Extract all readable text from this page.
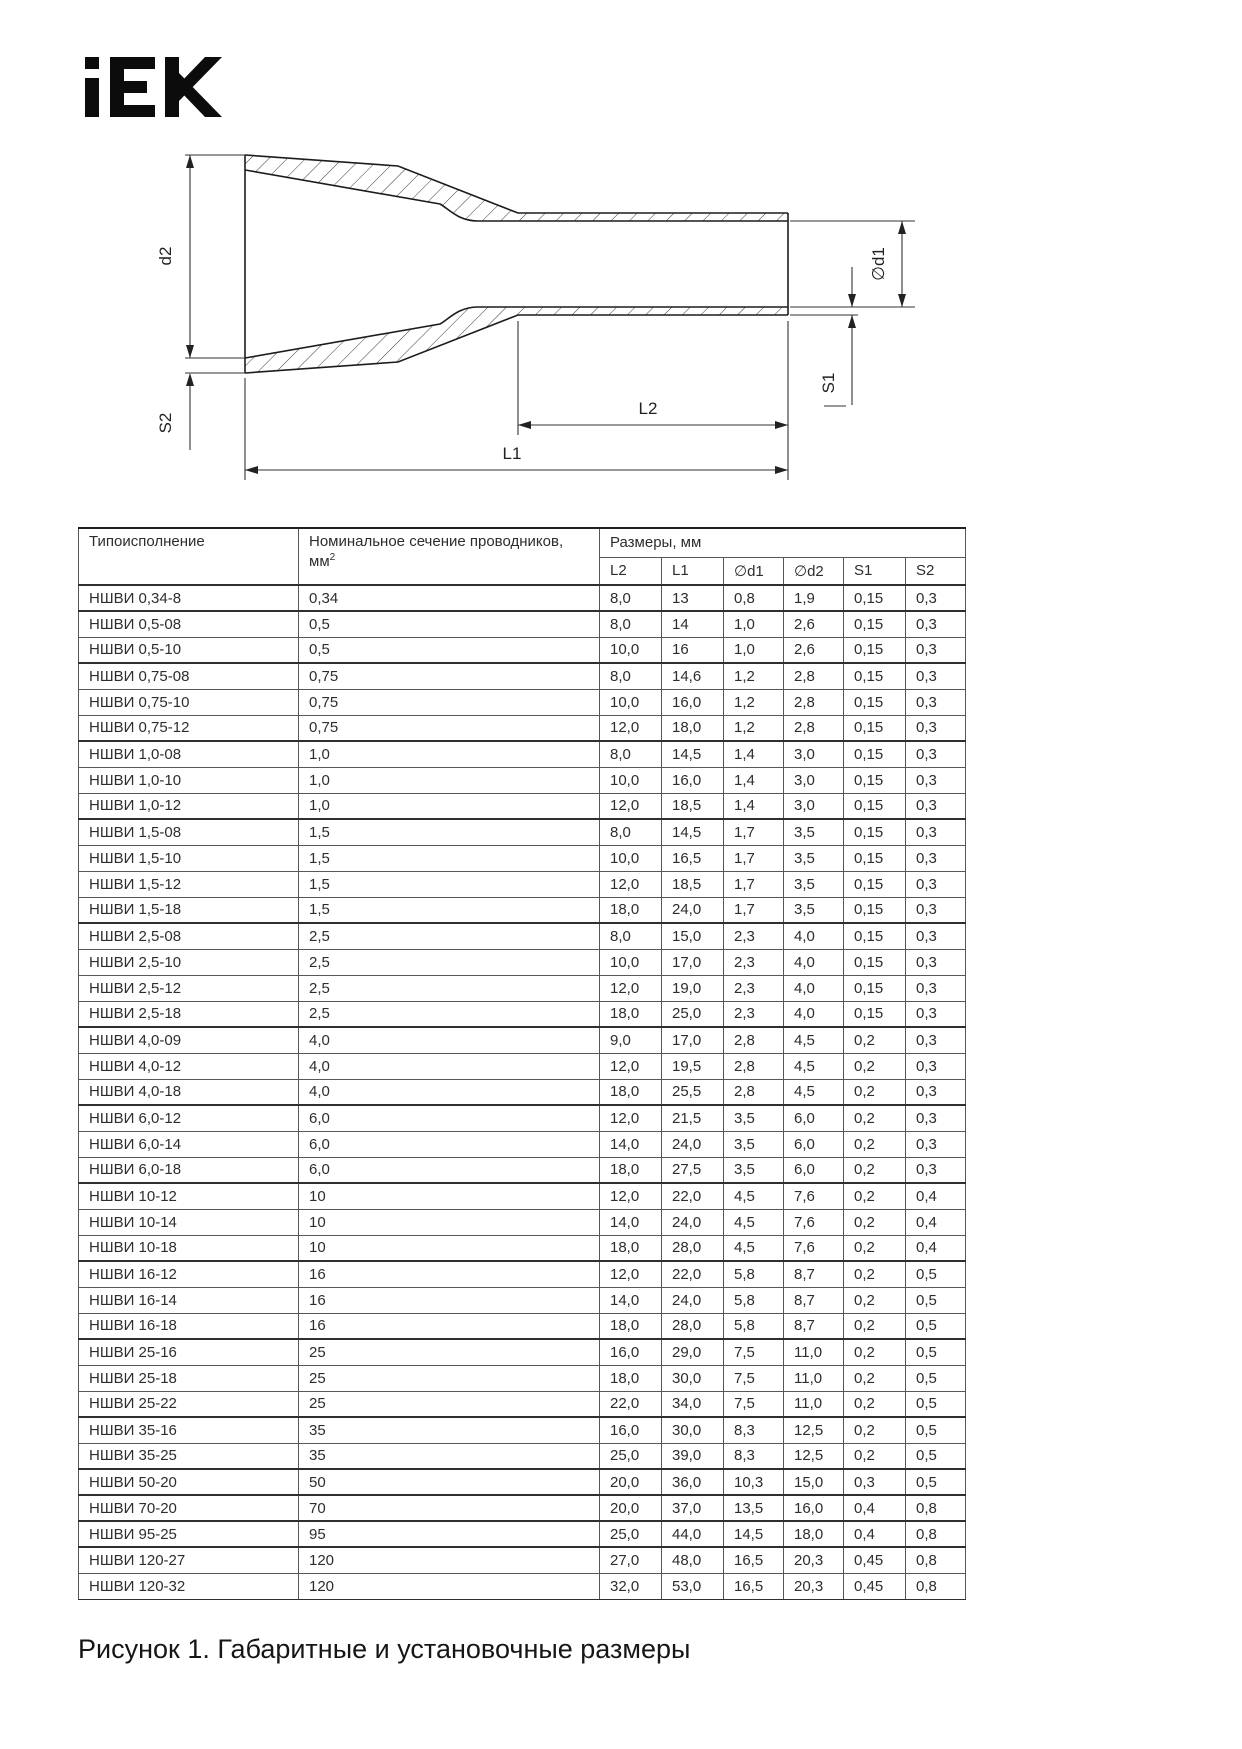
d2
S2
∅d1
S1
L2
L1
Типоисполнение	Номинальное сечение проводников,
$мм^2$	Размеры, мм					
		L2	L1	∅d1	∅d2	S1	S2
НШВИ 0,34-8	0,34	8,0	13	0,8	1,9	0,15	0,3
НШВИ 0,5-08	0,5	8,0	14	1,0	2,6	0,15	0,3
НШВИ 0,5-10	0,5	10,0	16	1,0	2,6	0,15	0,3
НШВИ 0,75-08	0,75	8,0	14,6	1,2	2,8	0,15	0,3
НШВИ 0,75-10	0,75	10,0	16,0	1,2	2,8	0,15	0,3
НШВИ 0,75-12	0,75	12,0	18,0	1,2	2,8	0,15	0,3
НШВИ 1,0-08	1,0	8,0	14,5	1,4	3,0	0,15	0,3
НШВИ 1,0-10	1,0	10,0	16,0	1,4	3,0	0,15	0,3
НШВИ 1,0-12	1,0	12,0	18,5	1,4	3,0	0,15	0,3
НШВИ 1,5-08	1,5	8,0	14,5	1,7	3,5	0,15	0,3
НШВИ 1,5-10	1,5	10,0	16,5	1,7	3,5	0,15	0,3
НШВИ 1,5-12	1,5	12,0	18,5	1,7	3,5	0,15	0,3
НШВИ 1,5-18	1,5	18,0	24,0	1,7	3,5	0,15	0,3
НШВИ 2,5-08	2,5	8,0	15,0	2,3	4,0	0,15	0,3
НШВИ 2,5-10	2,5	10,0	17,0	2,3	4,0	0,15	0,3
НШВИ 2,5-12	2,5	12,0	19,0	2,3	4,0	0,15	0,3
НШВИ 2,5-18	2,5	18,0	25,0	2,3	4,0	0,15	0,3
НШВИ 4,0-09	4,0	9,0	17,0	2,8	4,5	0,2	0,3
НШВИ 4,0-12	4,0	12,0	19,5	2,8	4,5	0,2	0,3
НШВИ 4,0-18	4,0	18,0	25,5	2,8	4,5	0,2	0,3
НШВИ 6,0-12	6,0	12,0	21,5	3,5	6,0	0,2	0,3
НШВИ 6,0-14	6,0	14,0	24,0	3,5	6,0	0,2	0,3
НШВИ 6,0-18	6,0	18,0	27,5	3,5	6,0	0,2	0,3
НШВИ 10-12	10	12,0	22,0	4,5	7,6	0,2	0,4
НШВИ 10-14	10	14,0	24,0	4,5	7,6	0,2	0,4
НШВИ 10-18	10	18,0	28,0	4,5	7,6	0,2	0,4
НШВИ 16-12	16	12,0	22,0	5,8	8,7	0,2	0,5
НШВИ 16-14	16	14,0	24,0	5,8	8,7	0,2	0,5
НШВИ 16-18	16	18,0	28,0	5,8	8,7	0,2	0,5
НШВИ 25-16	25	16,0	29,0	7,5	11,0	0,2	0,5
НШВИ 25-18	25	18,0	30,0	7,5	11,0	0,2	0,5
НШВИ 25-22	25	22,0	34,0	7,5	11,0	0,2	0,5
НШВИ 35-16	35	16,0	30,0	8,3	12,5	0,2	0,5
НШВИ 35-25	35	25,0	39,0	8,3	12,5	0,2	0,5
НШВИ 50-20	50	20,0	36,0	10,3	15,0	0,3	0,5
НШВИ 70-20	70	20,0	37,0	13,5	16,0	0,4	0,8
НШВИ 95-25	95	25,0	44,0	14,5	18,0	0,4	0,8
НШВИ 120-27	120	27,0	48,0	16,5	20,3	0,45	0,8
НШВИ 120-32	120	32,0	53,0	16,5	20,3	0,45	0,8
Рисунок 1. Габаритные и установочные размеры
